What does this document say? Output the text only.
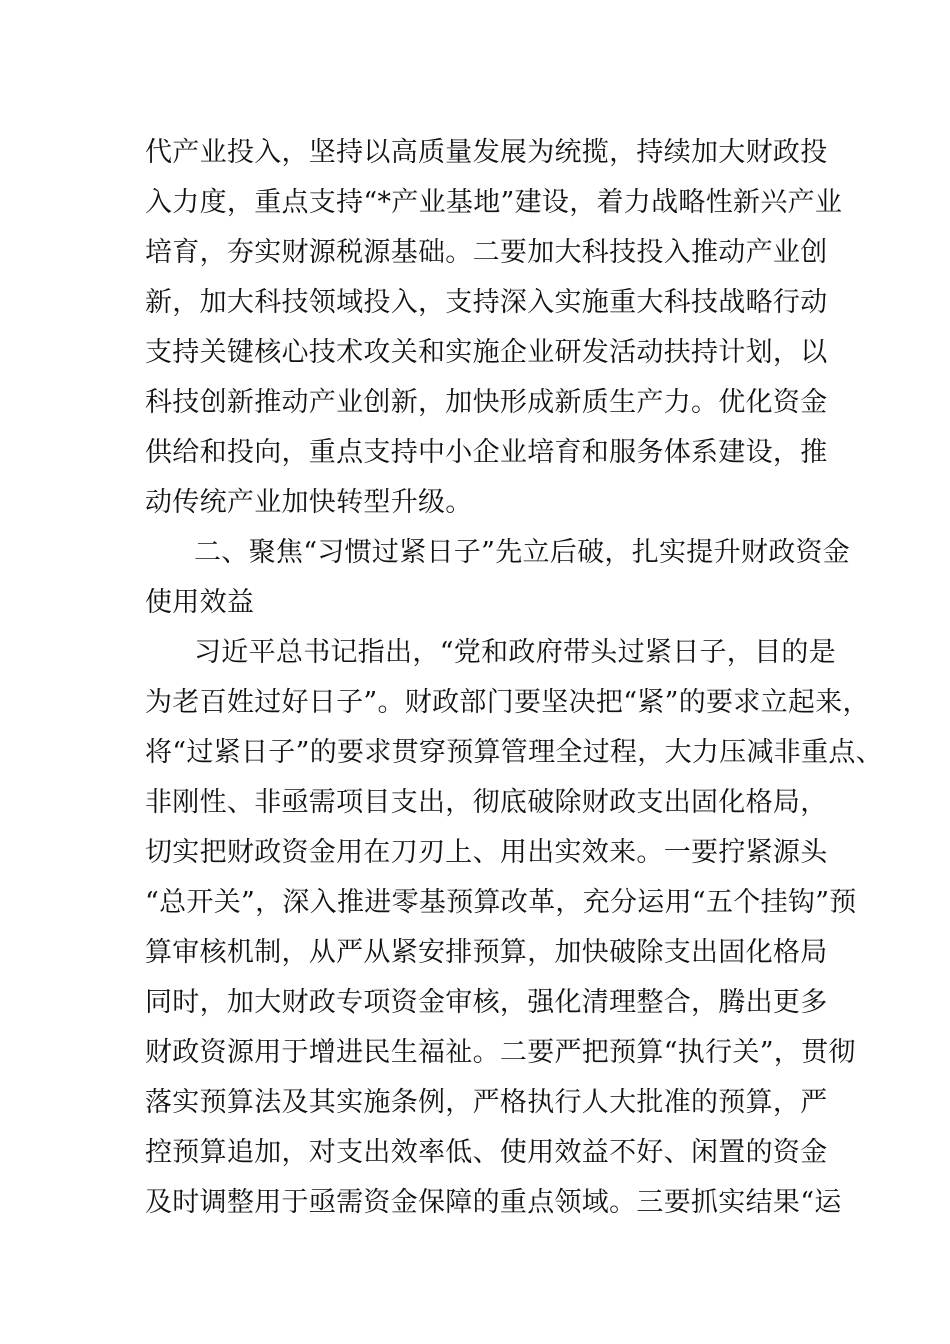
代产业投入，坚持以高质量发展为统揽，持续加大财政投
入力度，重点支持“*产业基地”建设，着力战略性新兴产业
培育，夯实财源税源基础。二要加大科技投入推动产业创
新，加大科技领域投入，支持深入实施重大科技战略行动
支持关键核心技术攻关和实施企业研发活动扶持计划，以
科技创新推动产业创新，加快形成新质生产力。优化资金
供给和投向，重点支持中小企业培育和服务体系建设，推
动传统产业加快转型升级。
二、聚焦“习惯过紧日子”先立后破，扎实提升财政资金
使用效益
习近平总书记指出，“党和政府带头过紧日子，目的是
为老百姓过好日子”。财政部门要坚决把“紧”的要求立起来，
将“过紧日子”的要求贯穿预算管理全过程，大力压减非重点、
非刚性、非亟需项目支出，彻底破除财政支出固化格局，
切实把财政资金用在刀刃上、用出实效来。一要拧紧源头
“总开关”，深入推进零基预算改革，充分运用“五个挂钩”预
算审核机制，从严从紧安排预算，加快破除支出固化格局
同时，加大财政专项资金审核，强化清理整合，腾出更多
财政资源用于增进民生福祉。二要严把预算“执行关”，贯彻
落实预算法及其实施条例，严格执行人大批准的预算，严
控预算追加，对支出效率低、使用效益不好、闲置的资金
及时调整用于亟需资金保障的重点领域。三要抓实结果“运
